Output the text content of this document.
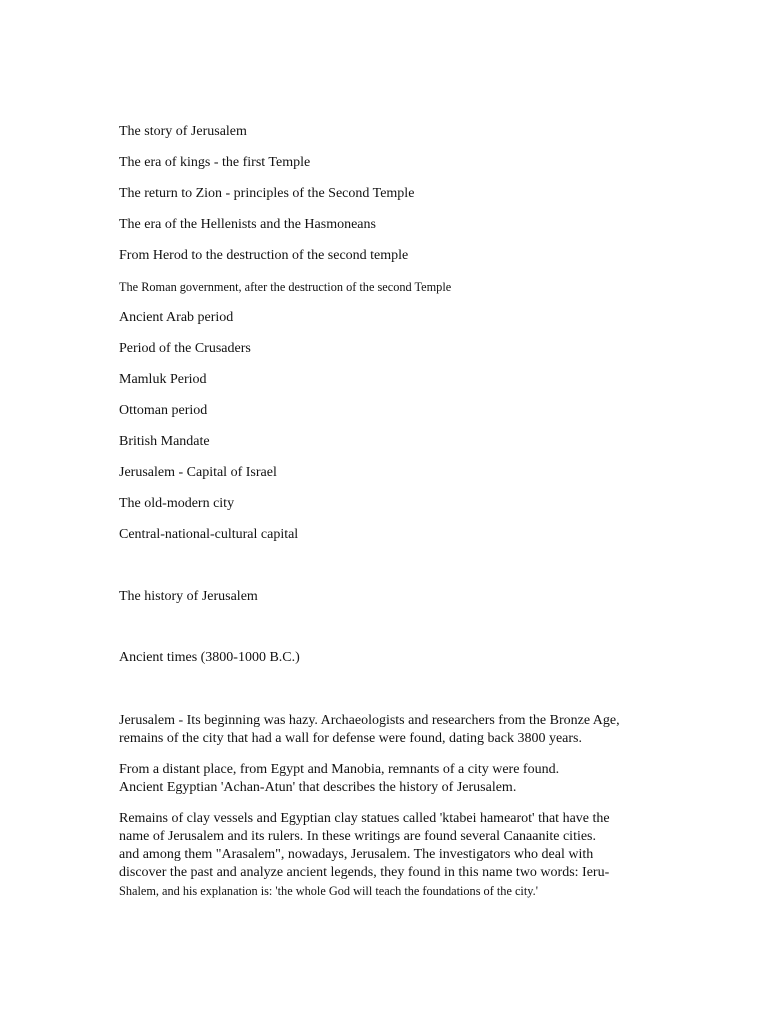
The story of Jerusalem
The era of kings - the first Temple
The return to Zion - principles of the Second Temple
The era of the Hellenists and the Hasmoneans
From Herod to the destruction of the second temple
The Roman government, after the destruction of the second Temple
Ancient Arab period
Period of the Crusaders
Mamluk Period
Ottoman period
British Mandate
Jerusalem - Capital of Israel
The old-modern city
Central-national-cultural capital
The history of Jerusalem
Ancient times (3800-1000 B.C.)

Jerusalem - Its beginning was hazy. Archaeologists and researchers from the Bronze Age,
remains of the city that had a wall for defense were found, dating back 3800 years.

From a distant place, from Egypt and Manobia, remnants of a city were found.
Ancient Egyptian 'Achan-Atun' that describes the history of Jerusalem.

Remains of clay vessels and Egyptian clay statues called 'ktabei hamearot' that have the
name of Jerusalem and its rulers. In these writings are found several Canaanite cities.
and among them "Arasalem", nowadays, Jerusalem. The investigators who deal with
discover the past and analyze ancient legends, they found in this name two words: Ieru-
Shalem, and his explanation is: 'the whole God will teach the foundations of the city.'
